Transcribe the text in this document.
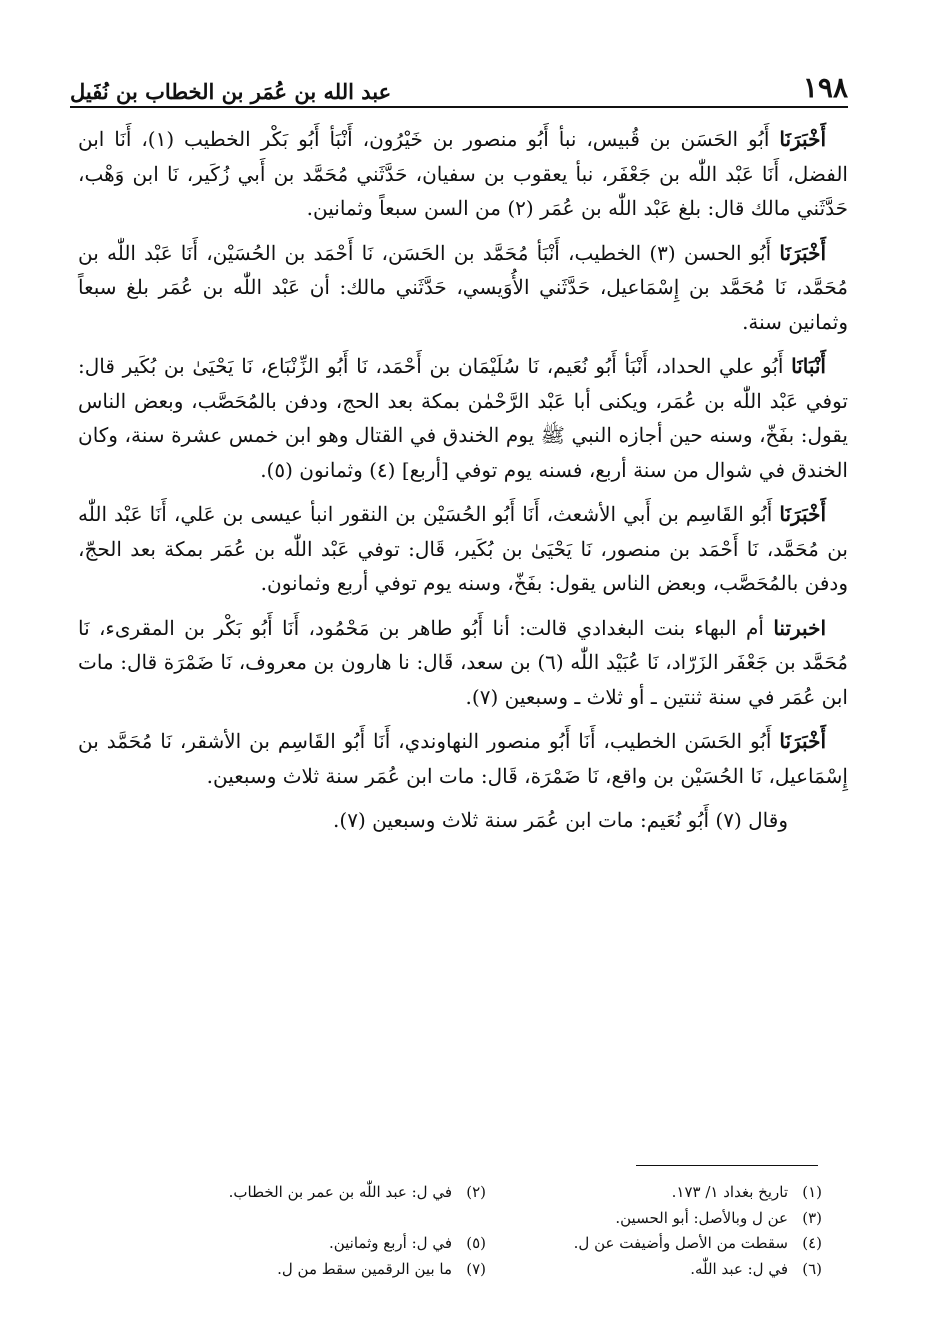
عبد الله بن عُمَر بن الخطاب بن نُفَيل	١٩٨

أَخْبَرَنَا أَبُو الحَسَن بن قُبيس، نبأ أَبُو منصور بن خَيْرُون، أَنْبَأ أَبُو بَكْر الخطيب (١)، أَنَا ابن الفضل، أَنَا عَبْد اللّٰه بن جَعْفَر، نبأ يعقوب بن سفيان، حَدَّثَني مُحَمَّد بن أَبي زُكَير، نَا ابن وَهْب، حَدَّثَني مالك قال: بلغ عَبْد اللّٰه بن عُمَر (٢) من السن سبعاً وثمانين.

أَخْبَرَنَا أَبُو الحسن (٣) الخطيب، أَنْبَأ مُحَمَّد بن الحَسَن، نَا أَحْمَد بن الحُسَيْن، أَنَا عَبْد اللّٰه بن مُحَمَّد، نَا مُحَمَّد بن إِسْمَاعيل، حَدَّثَني الأُوَيسي، حَدَّثَني مالك: أن عَبْد اللّٰه بن عُمَر بلغ سبعاً وثمانين سنة.

أَنْبَانَا أَبُو علي الحداد، أَنْبَأ أَبُو نُعَيم، نَا سُلَيْمَان بن أَحْمَد، نَا أَبُو الزِّنْبَاع، نَا يَحْيَىٰ بن بُكَير قال: توفي عَبْد اللّٰه بن عُمَر، ويكنى أبا عَبْد الرَّحْمٰن بمكة بعد الحج، ودفن بالمُحَصَّب، وبعض الناس يقول: بفَخّ، وسنه حين أجازه النبي ﷺ يوم الخندق في القتال وهو ابن خمس عشرة سنة، وكان الخندق في شوال من سنة أربع، فسنه يوم توفي [أربع] (٤) وثمانون (٥).

أَخْبَرَنَا أَبُو القَاسِم بن أَبي الأشعث، أَنَا أَبُو الحُسَيْن بن النقور انبأ عيسى بن عَلي، أَنَا عَبْد اللّٰه بن مُحَمَّد، نَا أَحْمَد بن منصور، نَا يَحْيَىٰ بن بُكَير، قَال: توفي عَبْد اللّٰه بن عُمَر بمكة بعد الحجّ، ودفن بالمُحَصَّب، وبعض الناس يقول: بفَخّ، وسنه يوم توفي أربع وثمانون.

اخبرتنا أم البهاء بنت البغدادي قالت: أنا أَبُو طاهر بن مَحْمُود، أَنَا أَبُو بَكْر بن المقرىء، نَا مُحَمَّد بن جَعْفَر الزَرّاد، نَا عُبَيْد اللّٰه (٦) بن سعد، قَال: نا هارون بن معروف، نَا ضَمْرَة قال: مات ابن عُمَر في سنة ثنتين ـ أو ثلاث ـ وسبعين (٧).

أَخْبَرَنَا أَبُو الحَسَن الخطيب، أَنَا أَبُو منصور النهاوندي، أَنَا أَبُو القَاسِم بن الأشقر، نَا مُحَمَّد بن إِسْمَاعيل، نَا الحُسَيْن بن واقع، نَا ضَمْرَة، قَال: مات ابن عُمَر سنة ثلاث وسبعين.

وقال (٧) أَبُو نُعَيم: مات ابن عُمَر سنة ثلاث وسبعين (٧).

(١)تاريخ بغداد ١/ ١٧٣.
(٢)في ل: عبد اللّٰه بن عمر بن الخطاب.
(٣)عن ل وبالأصل: أبو الحسين.
(٤)سقطت من الأصل وأضيفت عن ل.
(٥)في ل: أربع وثمانين.
(٦)في ل: عبد اللّٰه.
(٧)ما بين الرقمين سقط من ل.
